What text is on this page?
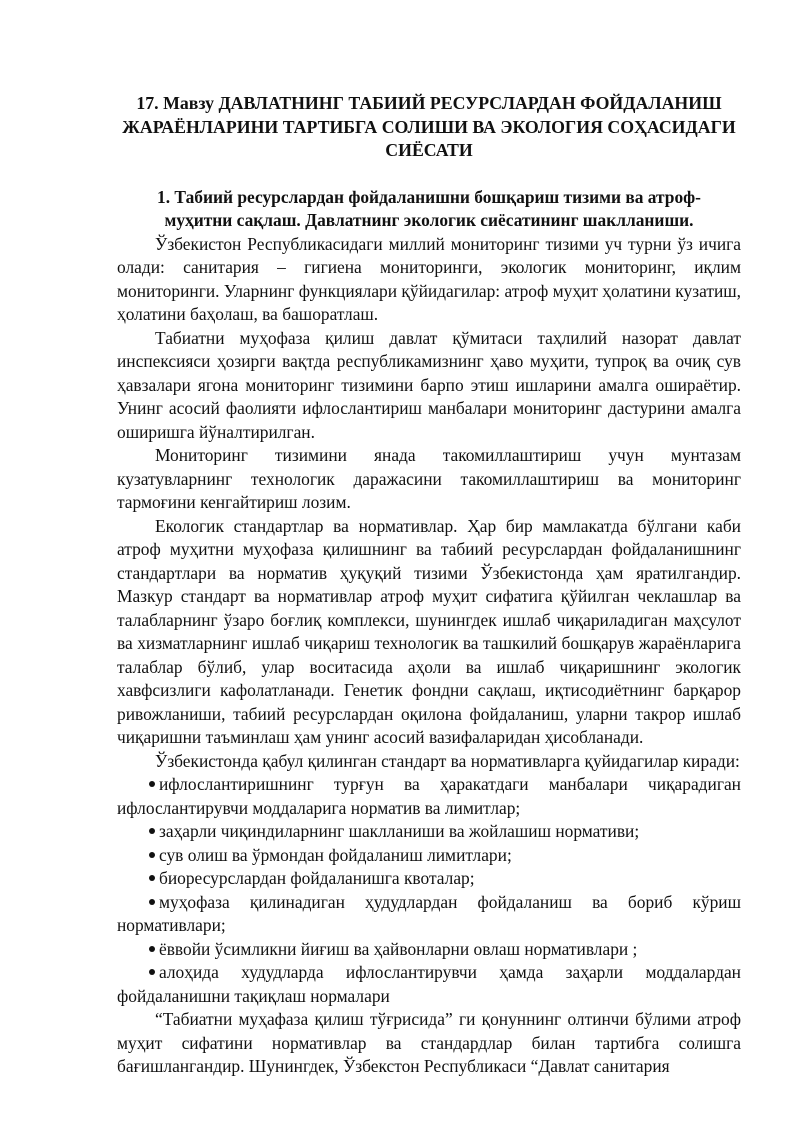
17. Мавзу ДАВЛАТНИНГ ТАБИИЙ РЕСУРСЛАРДАН ФОЙДАЛАНИШ ЖАРАЁНЛАРИНИ ТАРТИБГА СОЛИШИ ВА ЭКОЛОГИЯ СОҲАСИДАГИ СИЁСАТИ
1. Табиий ресурслардан фойдаланишни бошқариш тизими ва атроф-муҳитни сақлаш. Давлатнинг экологик сиёсатининг шаклланиши.

Ўзбекистон Республикасидаги миллий мониторинг тизими уч турни ўз ичига олади: санитария – гигиена мониторинги, экологик мониторинг, иқлим мониторинги. Уларнинг функциялари қўйидагилар: атроф муҳит ҳолатини кузатиш, ҳолатини баҳолаш, ва башоратлаш.

Табиатни муҳофаза қилиш давлат қўмитаси таҳлилий назорат давлат инспексияси ҳозирги вақтда республикамизнинг ҳаво муҳити, тупроқ ва очиқ сув ҳавзалари ягона мониторинг тизимини барпо этиш ишларини амалга ошираётир. Унинг асосий фаолияти ифлослантириш манбалари мониторинг дастурини амалга оширишга йўналтирилган.

Мониторинг тизимини янада такомиллаштириш учун мунтазам кузатувларнинг технологик даражасини такомиллаштириш ва мониторинг тармоғини кенгайтириш лозим.

Екологик стандартлар ва нормативлар. Ҳар бир мамлакатда бўлгани каби атроф муҳитни муҳофаза қилишнинг ва табиий ресурслардан фойдаланишнинг стандартлари ва норматив ҳуқуқий тизими Ўзбекистонда ҳам яратилгандир. Мазкур стандарт ва нормативлар атроф муҳит сифатига қўйилган чеклашлар ва талабларнинг ўзаро боғлиқ комплекси, шунингдек ишлаб чиқариладиган маҳсулот ва хизматларнинг ишлаб чиқариш технологик ва ташкилий бошқарув жараёнларига талаблар бўлиб, улар воситасида аҳоли ва ишлаб чиқаришнинг экологик хавфсизлиги кафолатланади. Генетик фондни сақлаш, иқтисодиётнинг барқарор ривожланиши, табиий ресурслардан оқилона фойдаланиш, уларни такрор ишлаб чиқаришни таъминлаш ҳам унинг асосий вазифаларидан ҳисобланади.

Ўзбекистонда қабул қилинган стандарт ва нормативларга қуйидагилар киради:

ифлослантиришнинг турғун ва ҳаракатдаги манбалари чиқарадиган ифлослантирувчи моддаларига норматив ва лимитлар;
заҳарли чиқиндиларнинг шаклланиши ва жойлашиш нормативи;
сув олиш ва ўрмондан фойдаланиш лимитлари;
биоресурслардан фойдаланишга квоталар;
муҳофаза қилинадиган ҳудудлардан фойдаланиш ва бориб кўриш нормативлари;
ёввойи ўсимликни йиғиш ва ҳайвонларни овлаш нормативлари ;
алоҳида худудларда ифлослантирувчи ҳамда заҳарли моддалардан фойдаланишни тақиқлаш нормалари

“Табиатни муҳафаза қилиш тўғрисида” ги қонуннинг олтинчи бўлими атроф муҳит сифатини нормативлар ва стандардлар билан тартибга солишга бағишлангандир. Шунингдек, Ўзбекстон Республикаси “Давлат санитария
